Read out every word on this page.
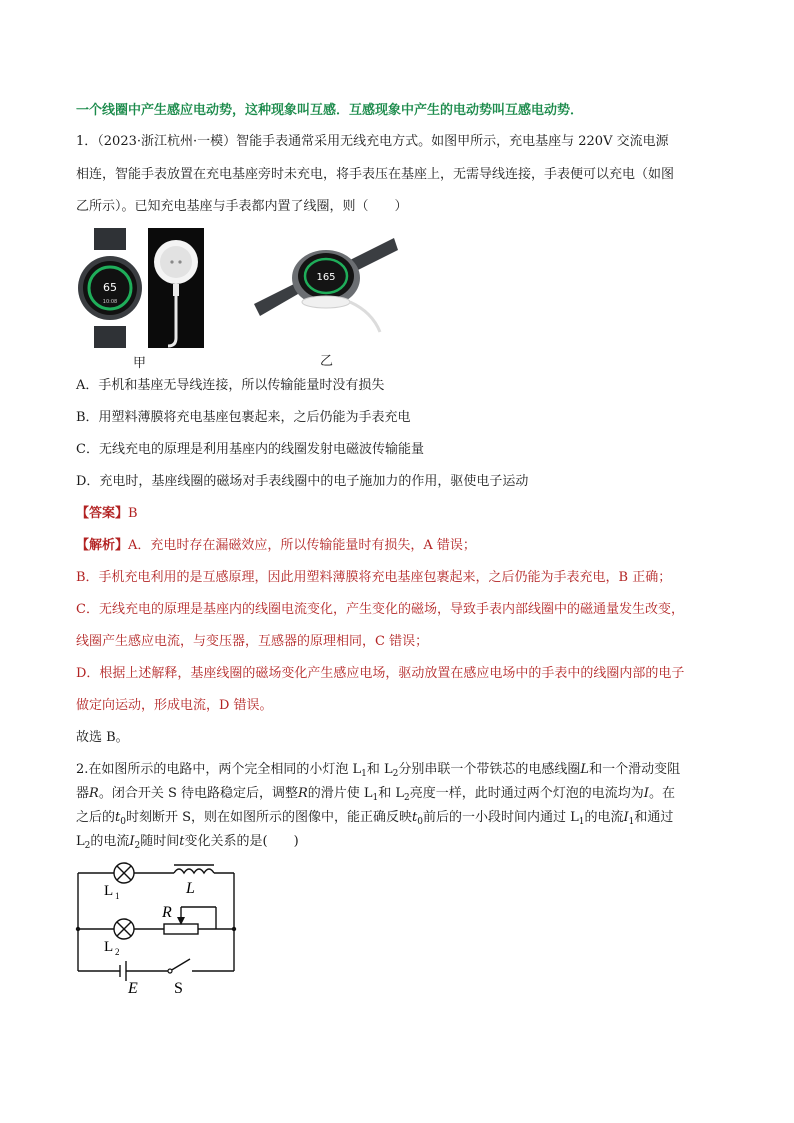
一个线圈中产生感应电动势，这种现象叫互感．互感现象中产生的电动势叫互感电动势．
1．（2023·浙江杭州·一模）智能手表通常采用无线充电方式。如图甲所示，充电基座与 220V 交流电源
相连，智能手表放置在充电基座旁时未充电，将手表压在基座上，无需导线连接，手表便可以充电（如图
乙所示）。已知充电基座与手表都内置了线圈，则（　　）
65
10:08
甲
165
乙
A．手机和基座无导线连接，所以传输能量时没有损失
B．用塑料薄膜将充电基座包裹起来，之后仍能为手表充电
C．无线充电的原理是利用基座内的线圈发射电磁波传输能量
D．充电时，基座线圈的磁场对手表线圈中的电子施加力的作用，驱使电子运动
【答案】B
【解析】A．充电时存在漏磁效应，所以传输能量时有损失，A 错误；
B．手机充电利用的是互感原理，因此用塑料薄膜将充电基座包裹起来，之后仍能为手表充电，B 正确；
C．无线充电的原理是基座内的线圈电流变化，产生变化的磁场，导致手表内部线圈中的磁通量发生改变，
线圈产生感应电流，与变压器，互感器的原理相同，C 错误；
D．根据上述解释，基座线圈的磁场变化产生感应电场，驱动放置在感应电场中的手表中的线圈内部的电子
做定向运动，形成电流，D 错误。
故选 B。
2.在如图所示的电路中，两个完全相同的小灯泡 $L_1$和 $L_2$分别串联一个带铁芯的电感线圈L和一个滑动变阻
器R。闭合开关 S 待电路稳定后，调整R的滑片使 $L_1$和 $L_2$亮度一样，此时通过两个灯泡的电流均为I。在
之后的$t_0$时刻断开 S，则在如图所示的图像中，能正确反映$t_0$前后的一小段时间内通过 $L_1$的电流$I_1$和通过
$L_2$的电流$I_2$随时间t变化关系的是(　　)
L 1
L 2
L
R
E S
